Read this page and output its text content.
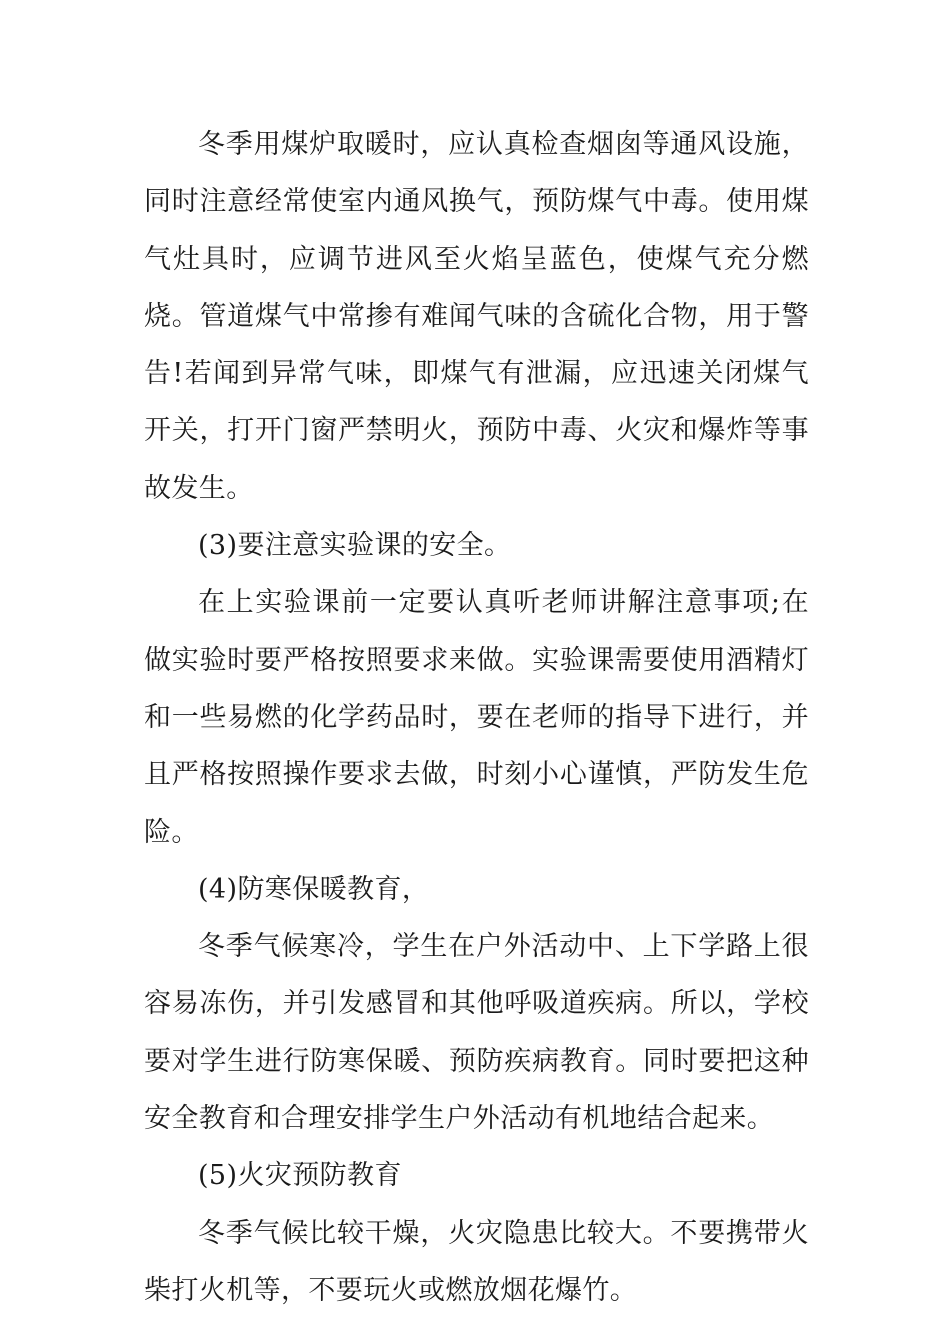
冬季用煤炉取暖时，应认真检查烟囱等通风设施，同时注意经常使室内通风换气，预防煤气中毒。使用煤气灶具时，应调节进风至火焰呈蓝色，使煤气充分燃烧。管道煤气中常掺有难闻气味的含硫化合物，用于警告!若闻到异常气味，即煤气有泄漏，应迅速关闭煤气开关，打开门窗严禁明火，预防中毒、火灾和爆炸等事故发生。

(3)要注意实验课的安全。

在上实验课前一定要认真听老师讲解注意事项;在做实验时要严格按照要求来做。实验课需要使用酒精灯和一些易燃的化学药品时，要在老师的指导下进行，并且严格按照操作要求去做，时刻小心谨慎，严防发生危险。

(4)防寒保暖教育，

冬季气候寒冷，学生在户外活动中、上下学路上很容易冻伤，并引发感冒和其他呼吸道疾病。所以，学校要对学生进行防寒保暖、预防疾病教育。同时要把这种安全教育和合理安排学生户外活动有机地结合起来。

(5)火灾预防教育

冬季气候比较干燥，火灾隐患比较大。不要携带火柴打火机等，不要玩火或燃放烟花爆竹。
